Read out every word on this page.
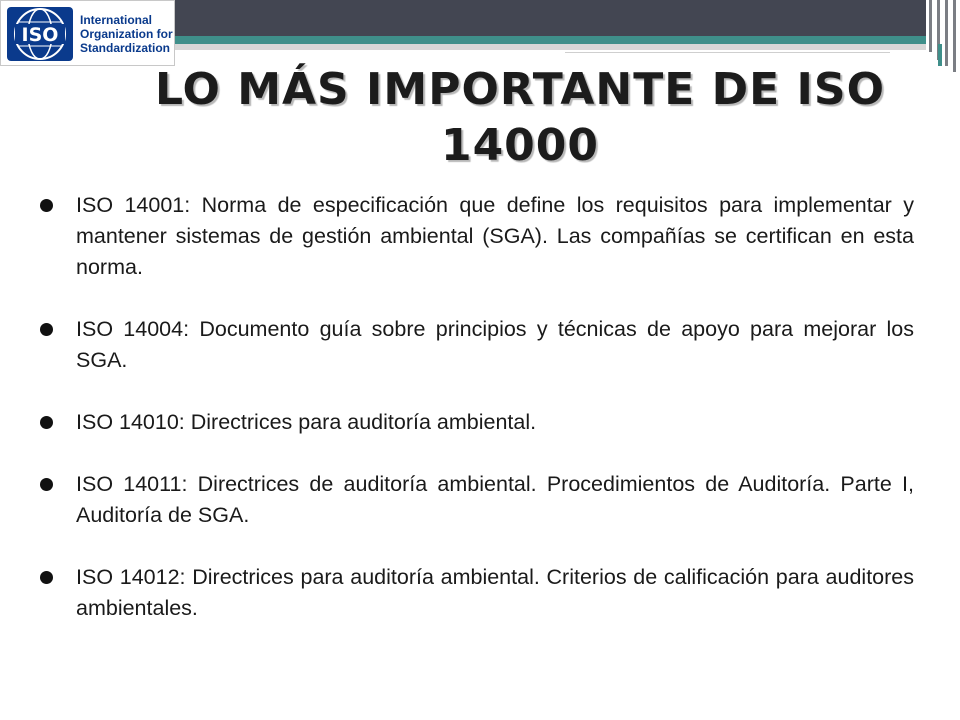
ISO
International
Organization for
Standardization
LO MÁS IMPORTANTE DE ISO
14000
ISO 14001: Norma de especificación que define los requisitos para implementar y mantener sistemas de gestión ambiental (SGA). Las compañías se certifican en esta norma.
ISO 14004: Documento guía sobre principios y técnicas de apoyo para mejorar los SGA.
ISO 14010: Directrices para auditoría ambiental.
ISO 14011: Directrices de auditoría ambiental. Procedimientos de Auditoría. Parte I, Auditoría de SGA.
ISO 14012: Directrices para auditoría ambiental. Criterios de calificación para auditores ambientales.
